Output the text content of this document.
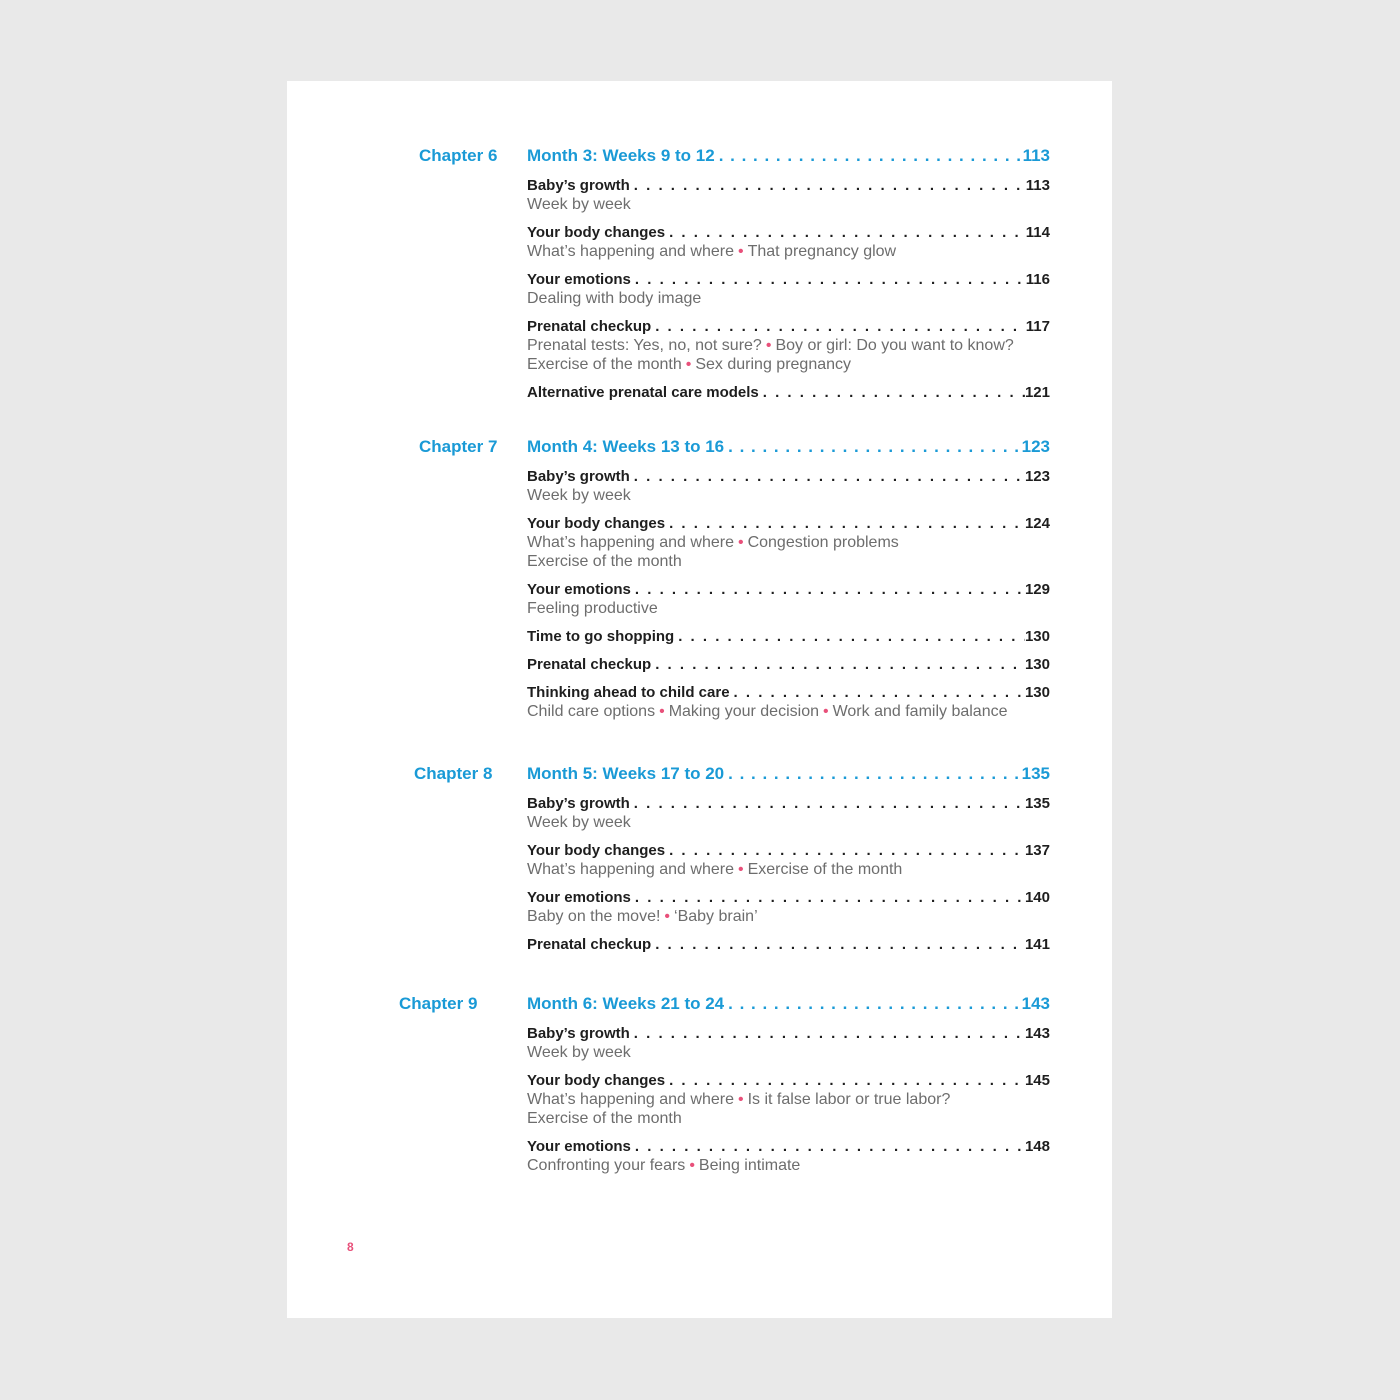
Chapter 6 Month 3: Weeks 9 to 12 . . .	113
Baby’s growth . . .	113
Week by week
Your body changes . . .	114
What’s happening and where • That pregnancy glow
Your emotions . . .	116
Dealing with body image
Prenatal checkup . . .	117
Prenatal tests: Yes, no, not sure? • Boy or girl: Do you want to know?
Exercise of the month • Sex during pregnancy
Alternative prenatal care models . . .	121
Chapter 7 Month 4: Weeks 13 to 16 . . .	123
Baby’s growth . . .	123
Week by week
Your body changes . . .	124
What’s happening and where • Congestion problems
Exercise of the month
Your emotions . . .	129
Feeling productive
Time to go shopping . . .	130
Prenatal checkup . . .	130
Thinking ahead to child care . . .	130
Child care options • Making your decision • Work and family balance
Chapter 8 Month 5: Weeks 17 to 20 . . .	135
Baby’s growth . . .	135
Week by week
Your body changes . . .	137
What’s happening and where • Exercise of the month
Your emotions . . .	140
Baby on the move! • ‘Baby brain’
Prenatal checkup . . .	141
Chapter 9	Month 6: Weeks 21 to 24 . . .	143
Baby’s growth . . .	143
Week by week
Your body changes . . .	145
What’s happening and where • Is it false labor or true labor?
Exercise of the month
Your emotions . . .	148
Confronting your fears • Being intimate
8
